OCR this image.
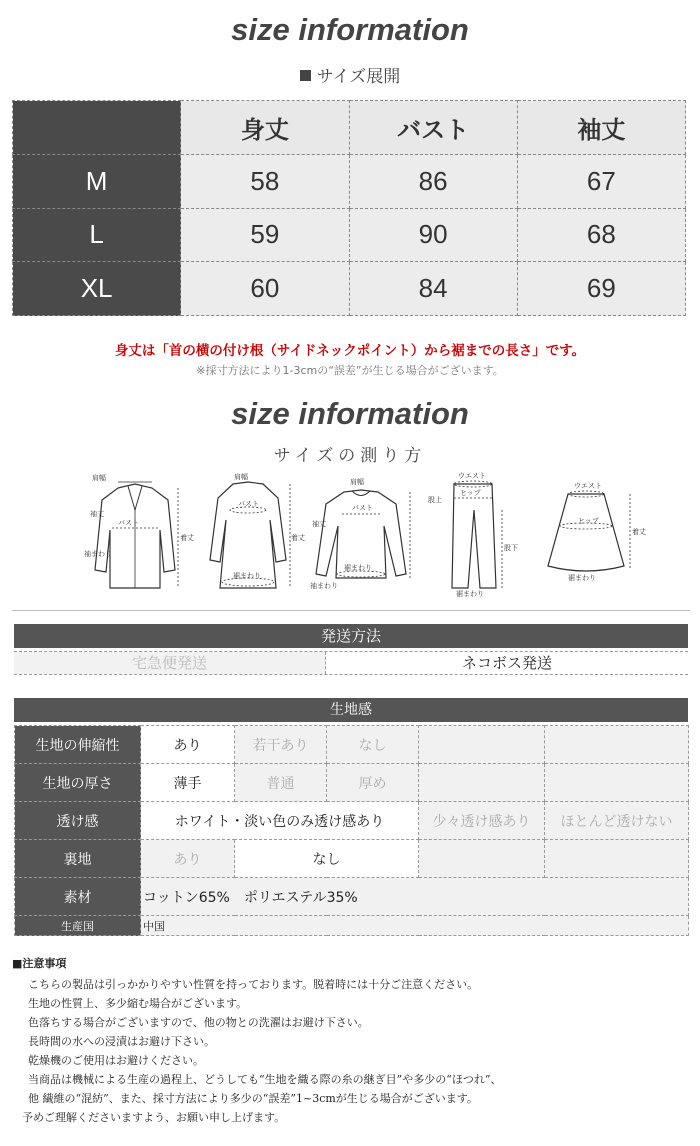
size information
サイズ展開
	身丈	バスト	袖丈
M	58	86	67
L	59	90	68
XL	60	84	69
身丈は「首の横の付け根（サイドネックポイント）から裾までの長さ」です。
※採寸方法により1-3cmの“誤差”が生じる場合がございます。
size information
サイズの測り方
肩幅
袖丈
バスト
着丈
袖まわり
肩幅
バスト
裾まわり
着丈
肩幅
バスト
袖丈
裾まわり
袖まわり
ウエスト
ヒップ
股上
股下
裾まわり
ウエスト
ヒップ
着丈
裾まわり
発送方法
宅急便発送	ネコボス発送
生地感
生地の伸縮性	あり	若干あり	なし		
生地の厚さ	薄手	普通	厚め		
透け感	ホワイト・淡い色のみ透け感あり			少々透け感あり	ほとんど透けない
裏地	あり	なし			
素材	コットン65%　ポリエステル35%				
生産国	中国				
■注意事項
こちらの製品は引っかかりやすい性質を持っております。脱着時には十分ご注意ください。
生地の性質上、多少縮む場合がございます。
色落ちする場合がございますので、他の物との洗濯はお避け下さい。
長時間の水への浸漬はお避け下さい。
乾燥機のご使用はお避けください。
当商品は機械による生産の過程上、どうしても“生地を織る際の糸の継ぎ目”や多少の“ほつれ”、
他 繊維の“混紡”、また、採寸方法により多少の“誤差”1~3cmが生じる場合がございます。
予めご理解くださいますよう、お願い申し上げます。
